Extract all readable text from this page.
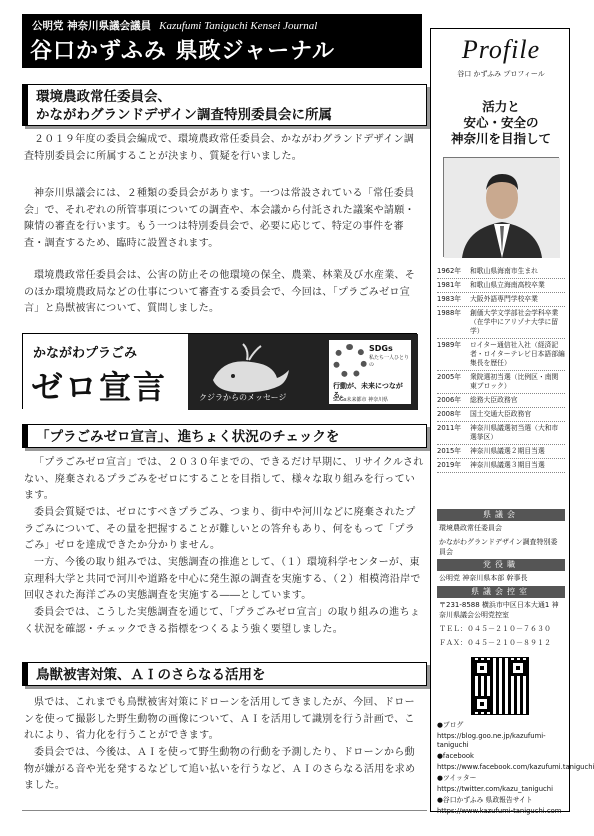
公明党 神奈川県議会議員 Kazufumi Taniguchi Kensei Journal
谷口かずふみ 県政ジャーナル
環境農政常任委員会、
かながわグランドデザイン調査特別委員会に所属

２０１９年度の委員会編成で、環境農政常任委員会、かながわグランドデザイン調査特別委員会に所属することが決まり、質疑を行いました。

神奈川県議会には、２種類の委員会があります。一つは常設されている「常任委員会」で、それぞれの所管事項についての調査や、本会議から付託された議案や請願・陳情の審査を行います。もう一つは特別委員会で、必要に応じて、特定の事件を審査・調査するため、臨時に設置されます。

環境農政常任委員会は、公害の防止その他環境の保全、農業、林業及び水産業、そのほか環境農政局などの仕事について審査する委員会で、今回は、「プラごみゼロ宣言」と鳥獣被害について、質問しました。

かながわプラごみ
ゼロ宣言	クジラからのメッセージ
SDGs
私たち一人ひとりの
行動が、未来につながる。
SDGs未来都市 神奈川県
「プラごみゼロ宣言」、進ちょく状況のチェックを

「プラごみゼロ宣言」では、２０３０年までの、できるだけ早期に、リサイクルされない、廃棄されるプラごみをゼロにすることを目指して、様々な取り組みを行っています。

委員会質疑では、ゼロにすべきプラごみ、つまり、街中や河川などに廃棄されたプラごみについて、その量を把握することが難しいとの答弁もあり、何をもって「プラごみ」ゼロを達成できたか分かりません。

一方、今後の取り組みでは、実態調査の推進として、（１）環境科学センターが、東京理科大学と共同で河川や道路を中心に発生源の調査を実施する、（２）相模湾沿岸で回収された海洋ごみの実態調査を実施する――としています。

委員会では、こうした実態調査を通じて、「プラごみゼロ宣言」の取り組みの進ちょく状況を確認・チェックできる指標をつくるよう強く要望しました。

鳥獣被害対策、ＡＩのさらなる活用を

県では、これまでも鳥獣被害対策にドローンを活用してきましたが、今回、ドローンを使って撮影した野生動物の画像について、ＡＩを活用して識別を行う計画で、これにより、省力化を行うことができます。

委員会では、今後は、ＡＩを使って野生動物の行動を予測したり、ドローンから動物が嫌がる音や光を発するなどして追い払いを行うなど、ＡＩのさらなる活用を求めました。

Profile
谷口 かずふみ プロフィール
活力と
安心・安全の
神奈川を目指して
1962年	和歌山県海南市生まれ
1981年	和歌山県立海南高校卒業
1983年	大阪外語専門学校卒業
1988年	創価大学文学部社会学科卒業（在学中にアリゾナ大学に留学）
1989年	ロイター通信社入社（経済記者・ロイターテレビ日本語部編集長を歴任）
2005年	衆院選初当選（比例区・南関東ブロック）
2006年	総務大臣政務官
2008年	国土交通大臣政務官
2011年	神奈川県議選初当選（大和市選挙区）
2015年	神奈川県議選２期目当選
2019年	神奈川県議選３期目当選
県議会
環境農政常任委員会
かながわグランドデザイン調査特別委員会
党役職
公明党 神奈川県本部 幹事長
県議会控室
〒231-8588 横浜市中区日本大通1 神奈川県議会公明党控室
ＴＥＬ：０４５－２１０－７６３０
ＦＡＸ：０４５－２１０－８９１２
●ブログ
https://blog.goo.ne.jp/kazufumi-taniguchi
●facebook
https://www.facebook.com/kazufumi.taniguchi
●ツイッター
https://twitter.com/kazu_taniguchi
●谷口かずふみ 県政報告サイト
https://www.kazufumi-taniguchi.com
